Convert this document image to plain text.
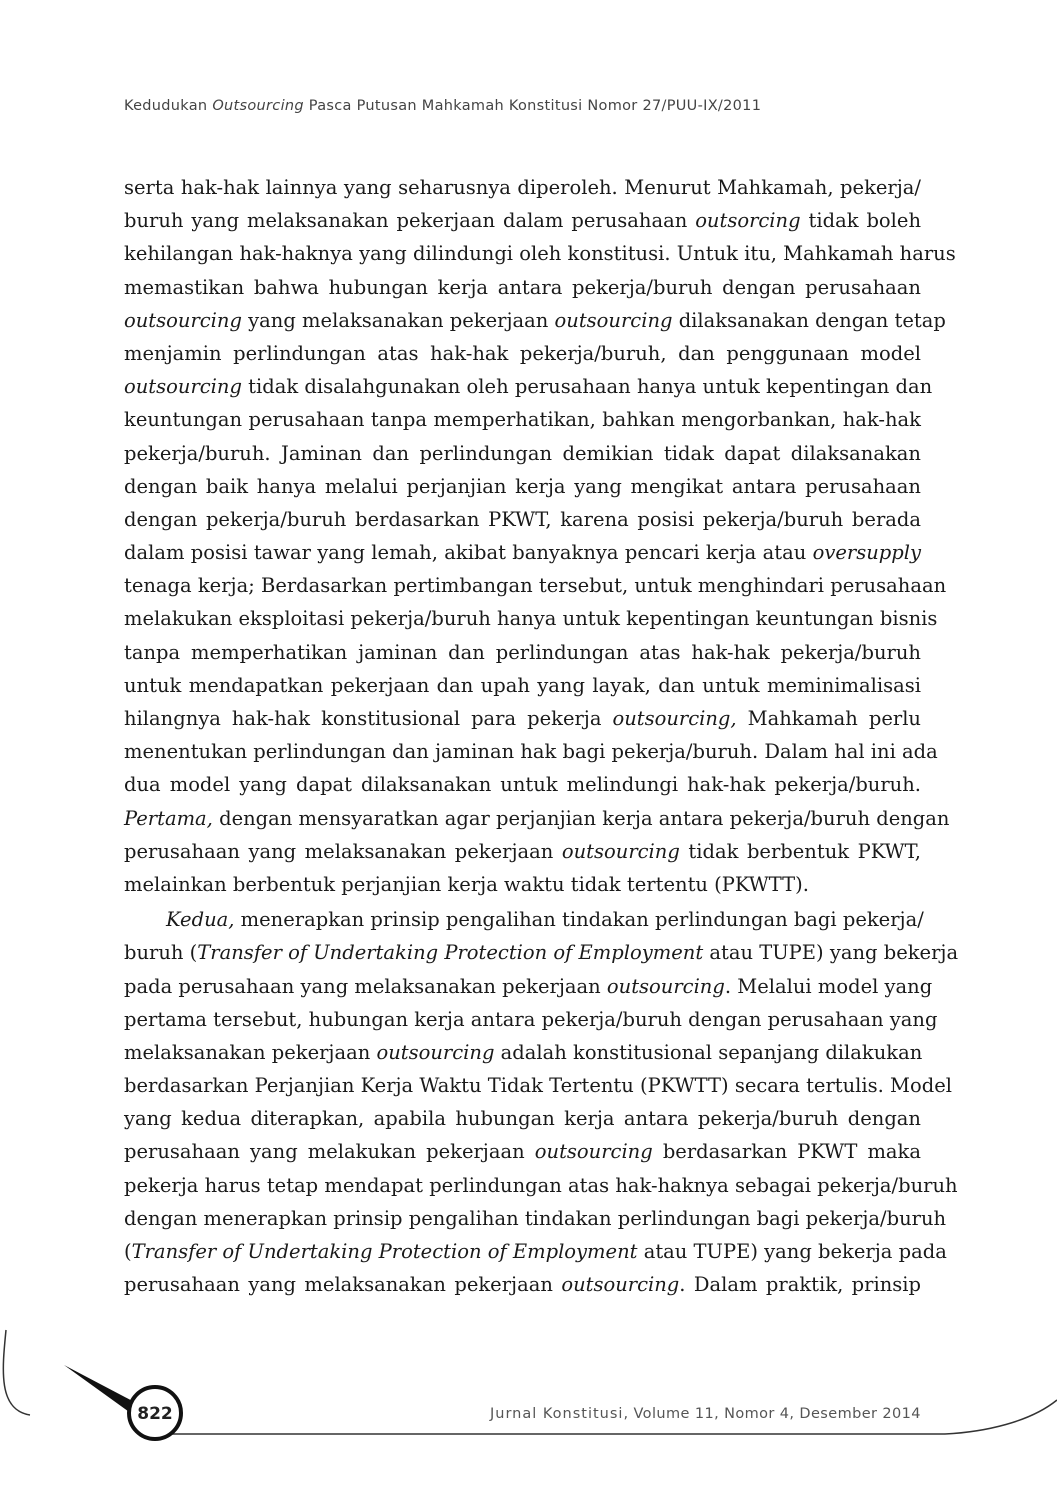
Kedudukan Outsourcing Pasca Putusan Mahkamah Konstitusi Nomor 27/PUU-IX/2011
serta hak-hak lainnya yang seharusnya diperoleh. Menurut Mahkamah, pekerja/
buruh yang melaksanakan pekerjaan dalam perusahaan outsorcing tidak boleh
kehilangan hak-haknya yang dilindungi oleh konstitusi. Untuk itu, Mahkamah harus
memastikan bahwa hubungan kerja antara pekerja/buruh dengan perusahaan
outsourcing yang melaksanakan pekerjaan outsourcing dilaksanakan dengan tetap
menjamin perlindungan atas hak-hak pekerja/buruh, dan penggunaan model
outsourcing tidak disalahgunakan oleh perusahaan hanya untuk kepentingan dan
keuntungan perusahaan tanpa memperhatikan, bahkan mengorbankan, hak-hak
pekerja/buruh. Jaminan dan perlindungan demikian tidak dapat dilaksanakan
dengan baik hanya melalui perjanjian kerja yang mengikat antara perusahaan
dengan pekerja/buruh berdasarkan PKWT, karena posisi pekerja/buruh berada
dalam posisi tawar yang lemah, akibat banyaknya pencari kerja atau oversupply
tenaga kerja; Berdasarkan pertimbangan tersebut, untuk menghindari perusahaan
melakukan eksploitasi pekerja/buruh hanya untuk kepentingan keuntungan bisnis
tanpa memperhatikan jaminan dan perlindungan atas hak-hak pekerja/buruh
untuk mendapatkan pekerjaan dan upah yang layak, dan untuk meminimalisasi
hilangnya hak-hak konstitusional para pekerja outsourcing, Mahkamah perlu
menentukan perlindungan dan jaminan hak bagi pekerja/buruh. Dalam hal ini ada
dua model yang dapat dilaksanakan untuk melindungi hak-hak pekerja/buruh.
Pertama, dengan mensyaratkan agar perjanjian kerja antara pekerja/buruh dengan
perusahaan yang melaksanakan pekerjaan outsourcing tidak berbentuk PKWT,
melainkan berbentuk perjanjian kerja waktu tidak tertentu (PKWTT).
Kedua, menerapkan prinsip pengalihan tindakan perlindungan bagi pekerja/
buruh (Transfer of Undertaking Protection of Employment atau TUPE) yang bekerja
pada perusahaan yang melaksanakan pekerjaan outsourcing. Melalui model yang
pertama tersebut, hubungan kerja antara pekerja/buruh dengan perusahaan yang
melaksanakan pekerjaan outsourcing adalah konstitusional sepanjang dilakukan
berdasarkan Perjanjian Kerja Waktu Tidak Tertentu (PKWTT) secara tertulis. Model
yang kedua diterapkan, apabila hubungan kerja antara pekerja/buruh dengan
perusahaan yang melakukan pekerjaan outsourcing berdasarkan PKWT maka
pekerja harus tetap mendapat perlindungan atas hak-haknya sebagai pekerja/buruh
dengan menerapkan prinsip pengalihan tindakan perlindungan bagi pekerja/buruh
(Transfer of Undertaking Protection of Employment atau TUPE) yang bekerja pada
perusahaan yang melaksanakan pekerjaan outsourcing. Dalam praktik, prinsip
822	Jurnal Konstitusi, Volume 11, Nomor 4, Desember 2014
